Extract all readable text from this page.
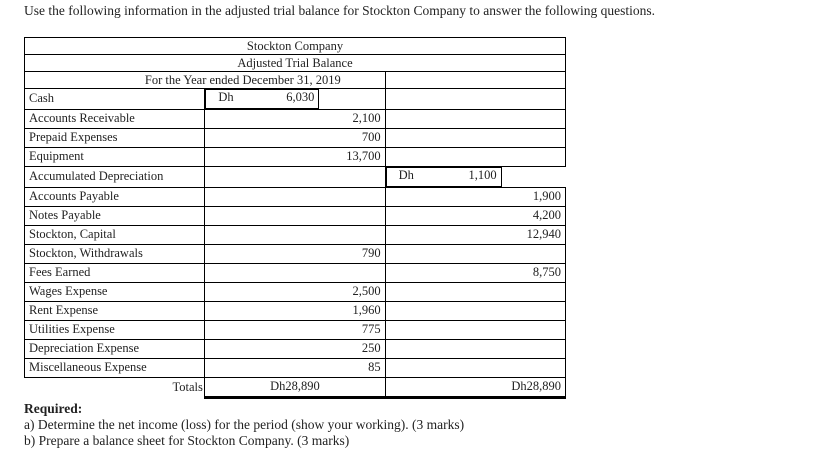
Use the following information in the adjusted trial balance for Stockton Company to answer the following questions.

Stockton Company		
Adjusted Trial Balance		
For the Year ended December 31, 2019		
Cash		Dh	6,030

Accounts Receivable	2,100	
Prepaid Expenses	700	
Equipment	13,700	
Accumulated Depreciation			Dh	1,100

Accounts Payable		1,900
Notes Payable		4,200
Stockton, Capital		12,940
Stockton, Withdrawals	790	
Fees Earned		8,750
Wages Expense	2,500	
Rent Expense	1,960	
Utilities Expense	775	
Depreciation Expense	250	
Miscellaneous Expense	85	
Totals	Dh28,890	Dh28,890
Required:
a) Determine the net income (loss) for the period (show your working). (3 marks)
b) Prepare a balance sheet for Stockton Company. (3 marks)
